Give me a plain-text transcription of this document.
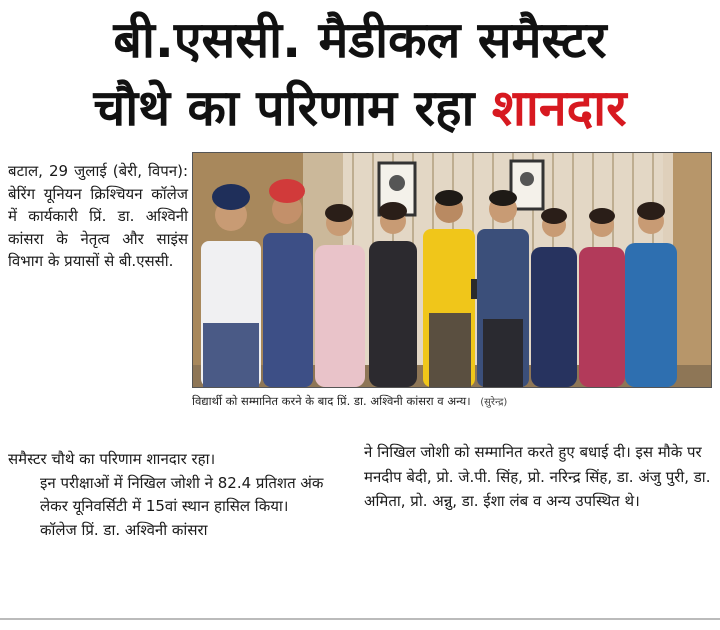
बी.एससी. मैडीकल समैस्टर
चौथे का परिणाम रहा शानदार

बटाल, 29 जुलाई (बेरी, विपन): बेरिंग यूनियन क्रिश्चियन कॉलेज में कार्यकारी प्रिं. डा. अश्विनी कांसरा के नेतृत्व और साइंस विभाग के प्रयासों से बी.एससी.

विद्यार्थी को सम्मानित करने के बाद प्रिं. डा. अश्विनी कांसरा व अन्य। (सुरेन्द्र)

समैस्टर चौथे का परिणाम शानदार रहा।

इन परीक्षाओं में निखिल जोशी ने 82.4 प्रतिशत अंक लेकर यूनिवर्सिटी में 15वां स्थान हासिल किया।

कॉलेज प्रिं. डा. अश्विनी कांसरा

ने निखिल जोशी को सम्मानित करते हुए बधाई दी। इस मौके पर मनदीप बेदी, प्रो. जे.पी. सिंह, प्रो. नरिन्द्र सिंह, डा. अंजु पुरी, डा. अमिता, प्रो. अन्नु, डा. ईशा लंब व अन्य उपस्थित थे।
